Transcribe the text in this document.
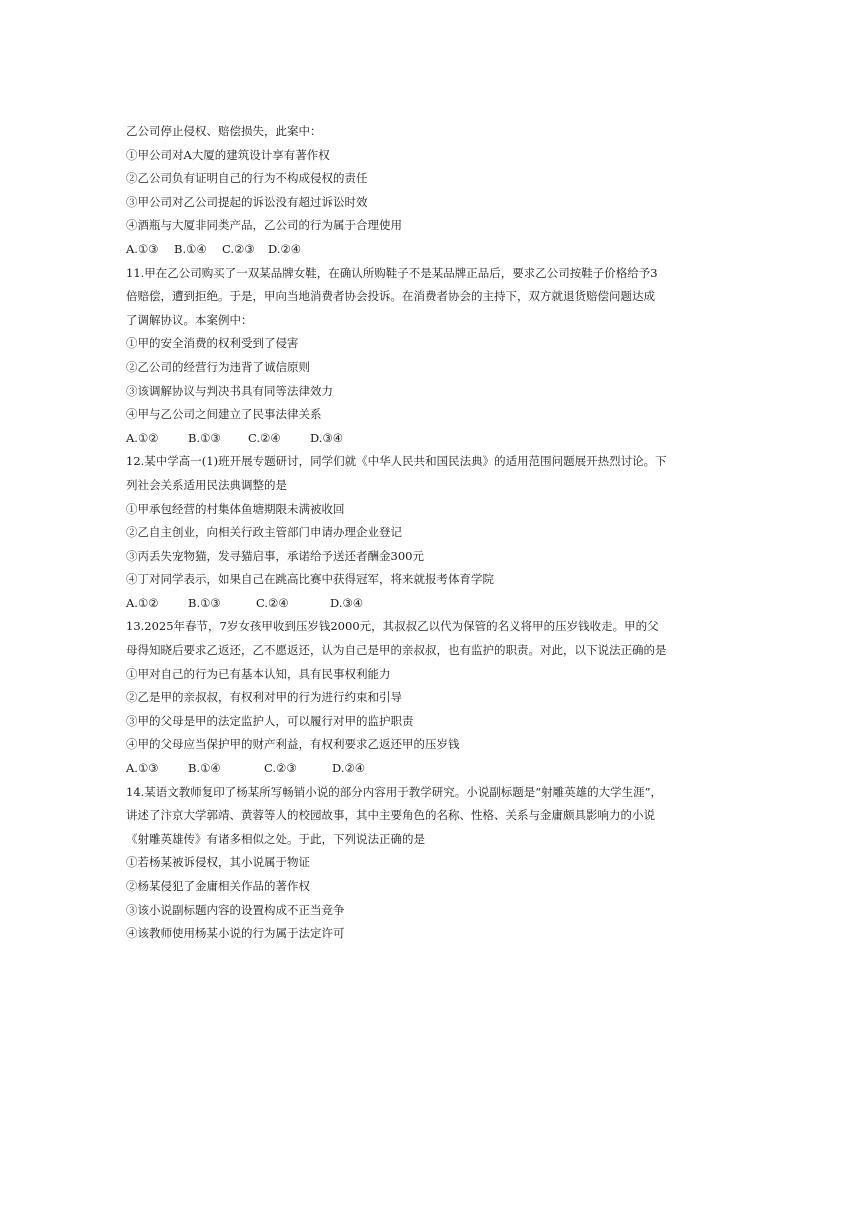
乙公司停止侵权、赔偿损失，此案中：
①甲公司对A大厦的建筑设计享有著作权
②乙公司负有证明自己的行为不构成侵权的责任
③甲公司对乙公司提起的诉讼没有超过诉讼时效
④酒瓶与大厦非同类产品，乙公司的行为属于合理使用
A.①③	B.①④	C.②③	D.②④
11.甲在乙公司购买了一双某品牌女鞋，在确认所购鞋子不是某品牌正品后，要求乙公司按鞋子价格给予3
倍赔偿，遭到拒绝。于是，甲向当地消费者协会投诉。在消费者协会的主持下，双方就退货赔偿问题达成
了调解协议。本案例中：
①甲的安全消费的权利受到了侵害
②乙公司的经营行为违背了诚信原则
③该调解协议与判决书具有同等法律效力
④甲与乙公司之间建立了民事法律关系
A.①②	B.①③	C.②④	D.③④
12.某中学高一(1)班开展专题研讨，同学们就《中华人民共和国民法典》的适用范围问题展开热烈讨论。下
列社会关系适用民法典调整的是
①甲承包经营的村集体鱼塘期限未满被收回
②乙自主创业，向相关行政主管部门申请办理企业登记
③丙丢失宠物猫，发寻猫启事，承诺给予送还者酬金300元
④丁对同学表示，如果自己在跳高比赛中获得冠军，将来就报考体育学院
A.①②	B.①③	C.②④	D.③④
13.2025年春节，7岁女孩甲收到压岁钱2000元，其叔叔乙以代为保管的名义将甲的压岁钱收走。甲的父
母得知晓后要求乙返还，乙不愿返还，认为自己是甲的亲叔叔，也有监护的职责。对此，以下说法正确的是
①甲对自己的行为已有基本认知，具有民事权利能力
②乙是甲的亲叔叔，有权利对甲的行为进行约束和引导
③甲的父母是甲的法定监护人，可以履行对甲的监护职责
④甲的父母应当保护甲的财产利益，有权利要求乙返还甲的压岁钱
A.①③	B.①④	C.②③	D.②④
14.某语文教师复印了杨某所写畅销小说的部分内容用于教学研究。小说副标题是“射雕英雄的大学生涯”，
讲述了汴京大学郭靖、黄蓉等人的校园故事，其中主要角色的名称、性格、关系与金庸颇具影响力的小说
《射雕英雄传》有诸多相似之处。于此，下列说法正确的是
①若杨某被诉侵权，其小说属于物证
②杨某侵犯了金庸相关作品的著作权
③该小说副标题内容的设置构成不正当竞争
④该教师使用杨某小说的行为属于法定许可
